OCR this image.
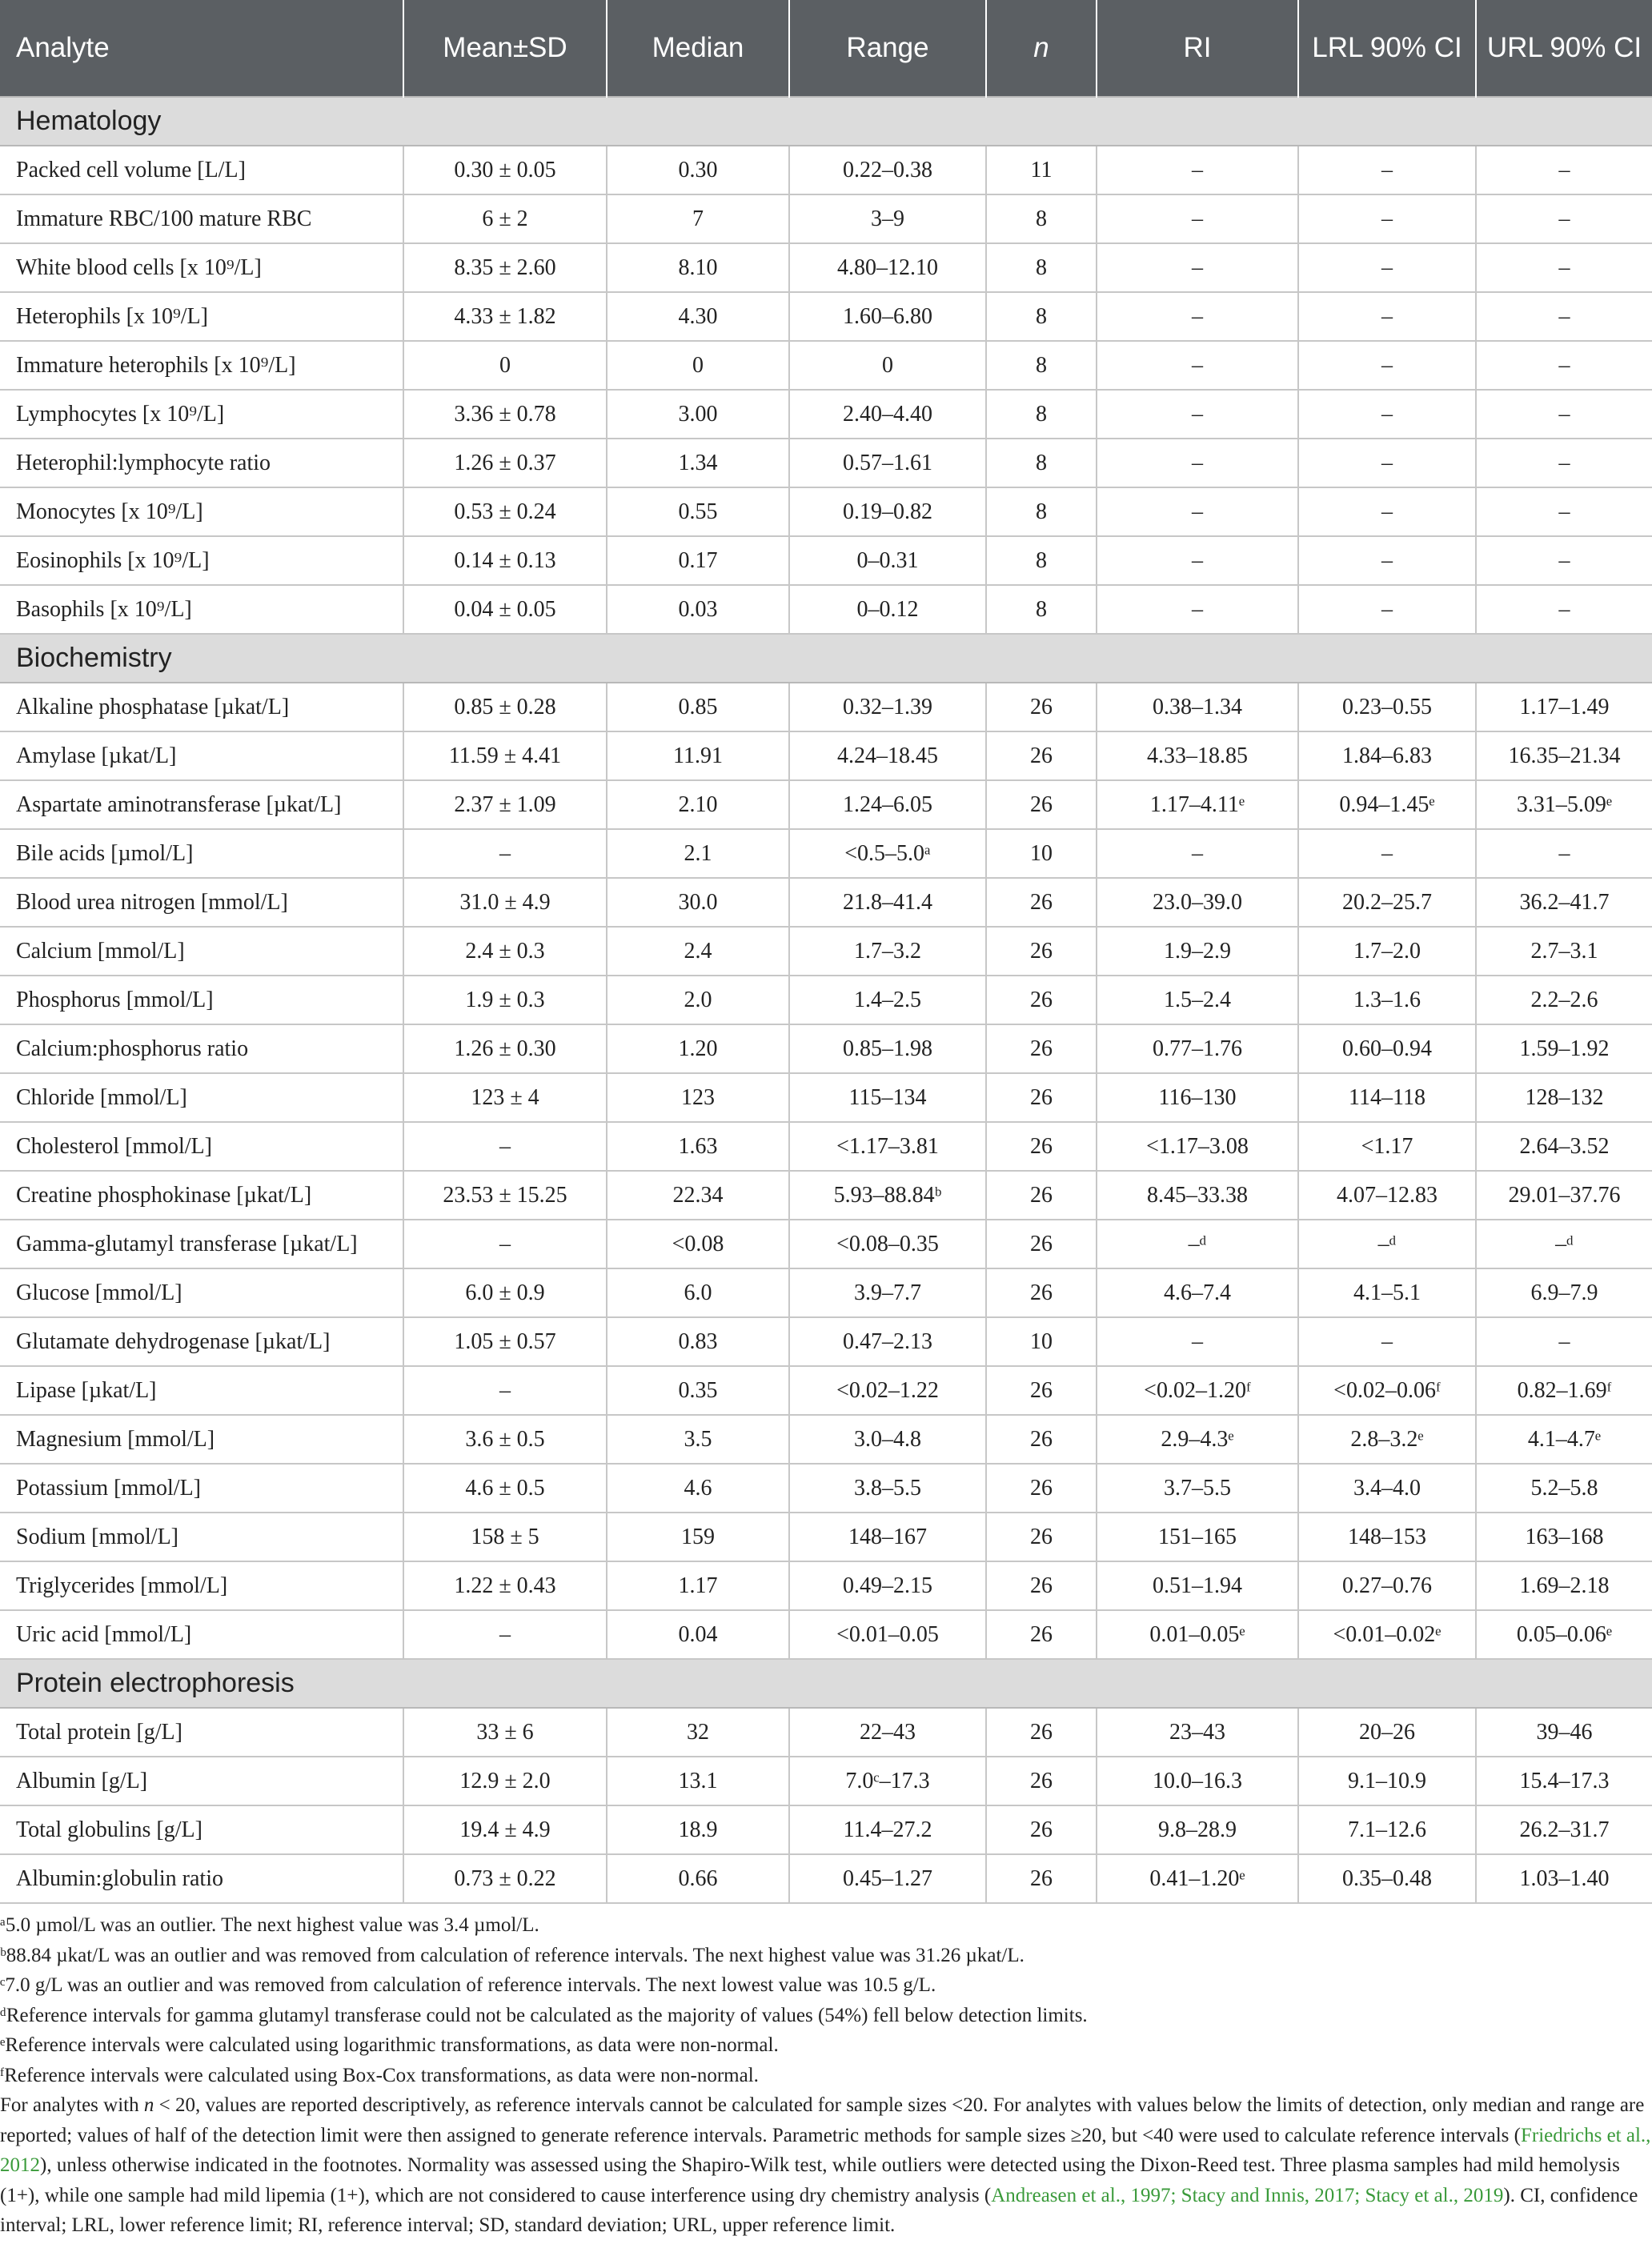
Analyte	Mean±SD	Median	Range	n	RI	LRL 90% CI	URL 90% CI
Hematology							
Packed cell volume [L/L]	0.30 ± 0.05	0.30	0.22–0.38	11	–	–	–
Immature RBC/100 mature RBC	6 ± 2	7	3–9	8	–	–	–
White blood cells [x 10⁹/L]	8.35 ± 2.60	8.10	4.80–12.10	8	–	–	–
Heterophils [x 10⁹/L]	4.33 ± 1.82	4.30	1.60–6.80	8	–	–	–
Immature heterophils [x 10⁹/L]	0	0	0	8	–	–	–
Lymphocytes [x 10⁹/L]	3.36 ± 0.78	3.00	2.40–4.40	8	–	–	–
Heterophil:lymphocyte ratio	1.26 ± 0.37	1.34	0.57–1.61	8	–	–	–
Monocytes [x 10⁹/L]	0.53 ± 0.24	0.55	0.19–0.82	8	–	–	–
Eosinophils [x 10⁹/L]	0.14 ± 0.13	0.17	0–0.31	8	–	–	–
Basophils [x 10⁹/L]	0.04 ± 0.05	0.03	0–0.12	8	–	–	–
Biochemistry							
Alkaline phosphatase [µkat/L]	0.85 ± 0.28	0.85	0.32–1.39	26	0.38–1.34	0.23–0.55	1.17–1.49
Amylase [µkat/L]	11.59 ± 4.41	11.91	4.24–18.45	26	4.33–18.85	1.84–6.83	16.35–21.34
Aspartate aminotransferase [µkat/L]	2.37 ± 1.09	2.10	1.24–6.05	26	1.17–4.11ᵉ	0.94–1.45ᵉ	3.31–5.09ᵉ
Bile acids [µmol/L]	–	2.1	<0.5–5.0ᵃ	10	–	–	–
Blood urea nitrogen [mmol/L]	31.0 ± 4.9	30.0	21.8–41.4	26	23.0–39.0	20.2–25.7	36.2–41.7
Calcium [mmol/L]	2.4 ± 0.3	2.4	1.7–3.2	26	1.9–2.9	1.7–2.0	2.7–3.1
Phosphorus [mmol/L]	1.9 ± 0.3	2.0	1.4–2.5	26	1.5–2.4	1.3–1.6	2.2–2.6
Calcium:phosphorus ratio	1.26 ± 0.30	1.20	0.85–1.98	26	0.77–1.76	0.60–0.94	1.59–1.92
Chloride [mmol/L]	123 ± 4	123	115–134	26	116–130	114–118	128–132
Cholesterol [mmol/L]	–	1.63	<1.17–3.81	26	<1.17–3.08	<1.17	2.64–3.52
Creatine phosphokinase [µkat/L]	23.53 ± 15.25	22.34	5.93–88.84ᵇ	26	8.45–33.38	4.07–12.83	29.01–37.76
Gamma-glutamyl transferase [µkat/L]	–	<0.08	<0.08–0.35	26	–ᵈ	–ᵈ	–ᵈ
Glucose [mmol/L]	6.0 ± 0.9	6.0	3.9–7.7	26	4.6–7.4	4.1–5.1	6.9–7.9
Glutamate dehydrogenase [µkat/L]	1.05 ± 0.57	0.83	0.47–2.13	10	–	–	–
Lipase [µkat/L]	–	0.35	<0.02–1.22	26	<0.02–1.20ᶠ	<0.02–0.06ᶠ	0.82–1.69ᶠ
Magnesium [mmol/L]	3.6 ± 0.5	3.5	3.0–4.8	26	2.9–4.3ᵉ	2.8–3.2ᵉ	4.1–4.7ᵉ
Potassium [mmol/L]	4.6 ± 0.5	4.6	3.8–5.5	26	3.7–5.5	3.4–4.0	5.2–5.8
Sodium [mmol/L]	158 ± 5	159	148–167	26	151–165	148–153	163–168
Triglycerides [mmol/L]	1.22 ± 0.43	1.17	0.49–2.15	26	0.51–1.94	0.27–0.76	1.69–2.18
Uric acid [mmol/L]	–	0.04	<0.01–0.05	26	0.01–0.05ᵉ	<0.01–0.02ᵉ	0.05–0.06ᵉ
Protein electrophoresis							
Total protein [g/L]	33 ± 6	32	22–43	26	23–43	20–26	39–46
Albumin [g/L]	12.9 ± 2.0	13.1	7.0ᶜ–17.3	26	10.0–16.3	9.1–10.9	15.4–17.3
Total globulins [g/L]	19.4 ± 4.9	18.9	11.4–27.2	26	9.8–28.9	7.1–12.6	26.2–31.7
Albumin:globulin ratio	0.73 ± 0.22	0.66	0.45–1.27	26	0.41–1.20ᵉ	0.35–0.48	1.03–1.40

ᵃ5.0 µmol/L was an outlier. The next highest value was 3.4 µmol/L.

ᵇ88.84 µkat/L was an outlier and was removed from calculation of reference intervals. The next highest value was 31.26 µkat/L.

ᶜ7.0 g/L was an outlier and was removed from calculation of reference intervals. The next lowest value was 10.5 g/L.

ᵈReference intervals for gamma glutamyl transferase could not be calculated as the majority of values (54%) fell below detection limits.

ᵉReference intervals were calculated using logarithmic transformations, as data were non-normal.

ᶠReference intervals were calculated using Box-Cox transformations, as data were non-normal.

For analytes with n < 20, values are reported descriptively, as reference intervals cannot be calculated for sample sizes <20. For analytes with values below the limits of detection, only median and range are reported; values of half of the detection limit were then assigned to generate reference intervals. Parametric methods for sample sizes ≥20, but <40 were used to calculate reference intervals (Friedrichs et al., 2012), unless otherwise indicated in the footnotes. Normality was assessed using the Shapiro-Wilk test, while outliers were detected using the Dixon-Reed test. Three plasma samples had mild hemolysis (1+), while one sample had mild lipemia (1+), which are not considered to cause interference using dry chemistry analysis (Andreasen et al., 1997; Stacy and Innis, 2017; Stacy et al., 2019). CI, confidence interval; LRL, lower reference limit; RI, reference interval; SD, standard deviation; URL, upper reference limit.
